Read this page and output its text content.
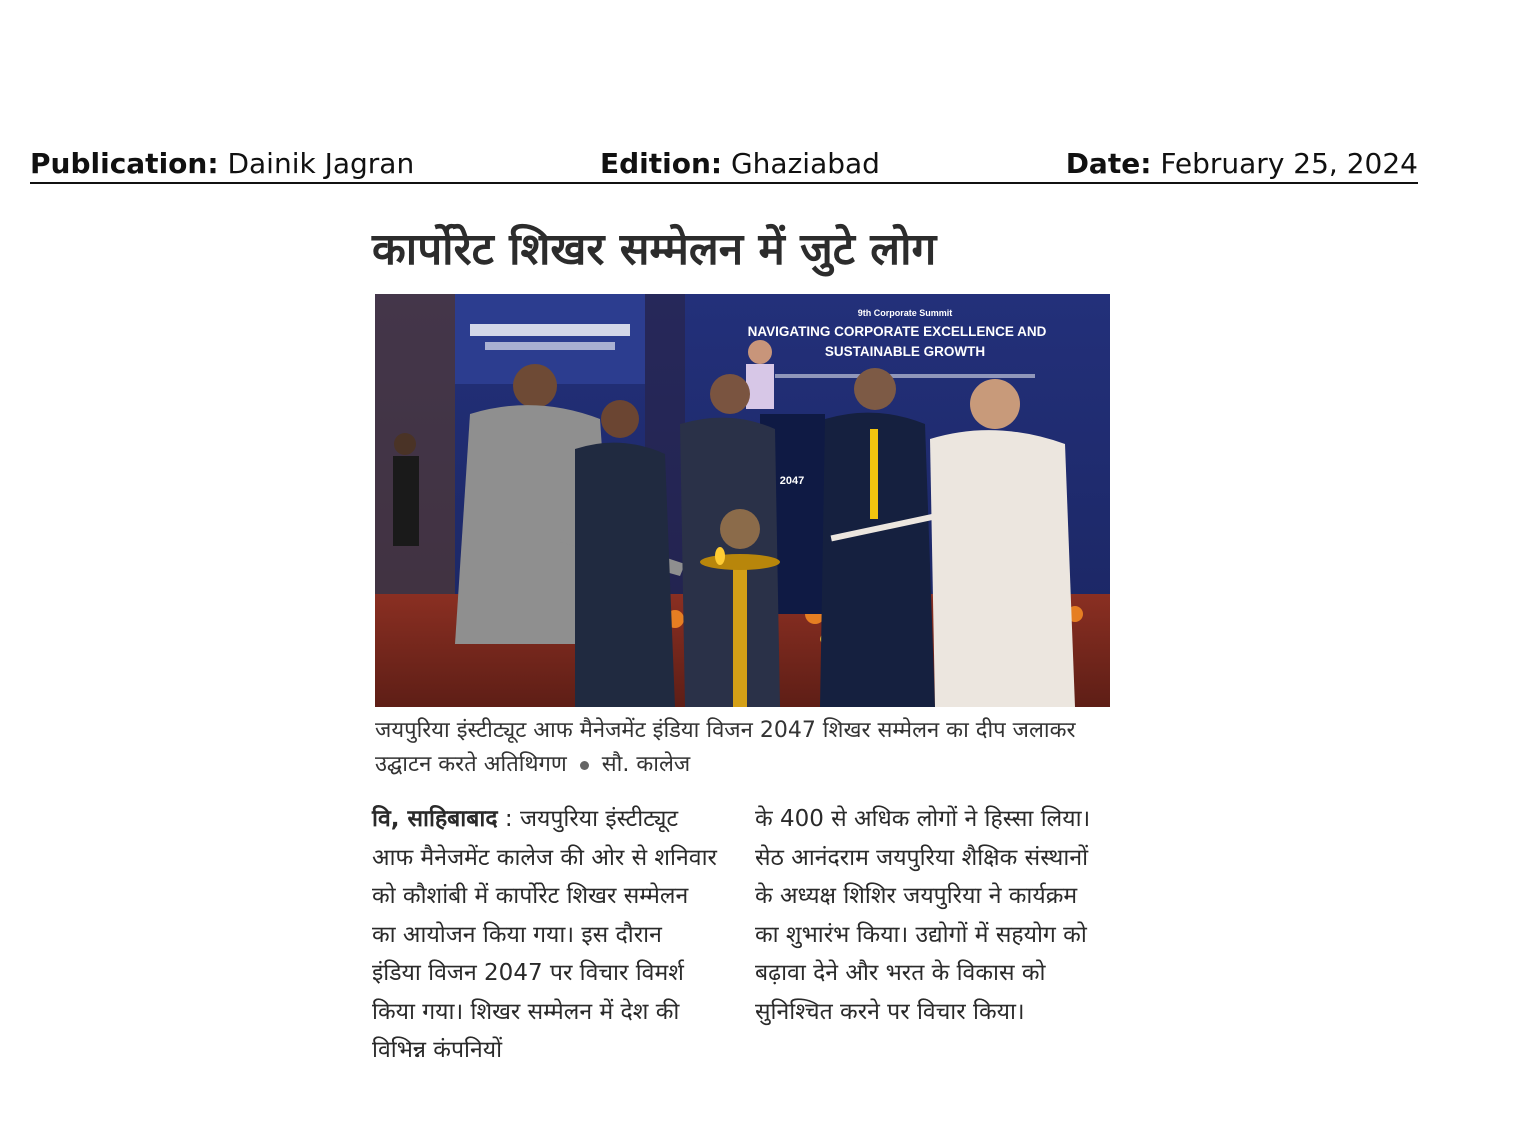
Publication: Dainik Jagran	Edition: Ghaziabad	Date: February 25, 2024
कार्पोरेट शिखर सम्मेलन में जुटे लोग
9th Corporate Summit
NAVIGATING CORPORATE EXCELLENCE AND
SUSTAINABLE GROWTH
2047

जयपुरिया इंस्टीट्यूट आफ मैनेजमेंट इंडिया विजन 2047 शिखर सम्मेलन का दीप जलाकर उद्घाटन करते अतिथिगण सौ. कालेज

वि, साहिबाबाद : जयपुरिया इंस्टीट्यूट आफ मैनेजमेंट कालेज की ओर से शनिवार को कौशांबी में कार्पोरेट शिखर सम्मेलन का आयोजन किया गया। इस दौरान इंडिया विजन 2047 पर विचार विमर्श किया गया। शिखर सम्मेलन में देश की विभिन्न कंपनियों

के 400 से अधिक लोगों ने हिस्सा लिया। सेठ आनंदराम जयपुरिया शैक्षिक संस्थानों के अध्यक्ष शिशिर जयपुरिया ने कार्यक्रम का शुभारंभ किया। उद्योगों में सहयोग को बढ़ावा देने और भरत के विकास को सुनिश्चित करने पर विचार किया।
